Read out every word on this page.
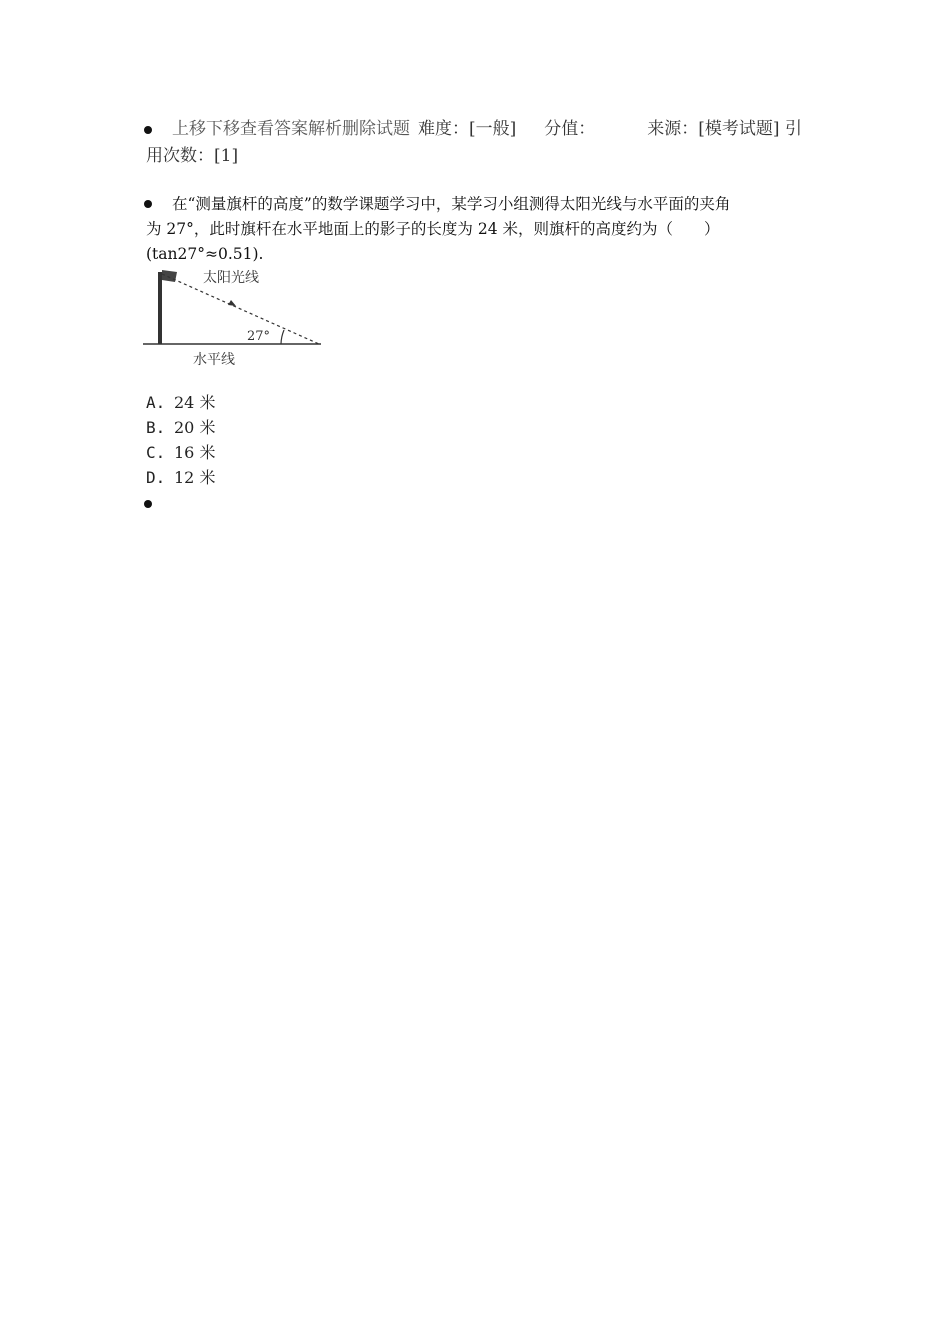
上移下移查看答案解析删除试题 难度：[一般] 分值：	来源：[模考试题] 引用次数：[1]
在“测量旗杆的高度”的数学课题学习中，某学习小组测得太阳光线与水平面的夹角
为 27°，此时旗杆在水平地面上的影子的长度为 24 米，则旗杆的高度约为（　　）
(tan27°≈0.51).
太阳光线
27°
水平线
A. 24 米
B. 20 米
C. 16 米
D. 12 米
